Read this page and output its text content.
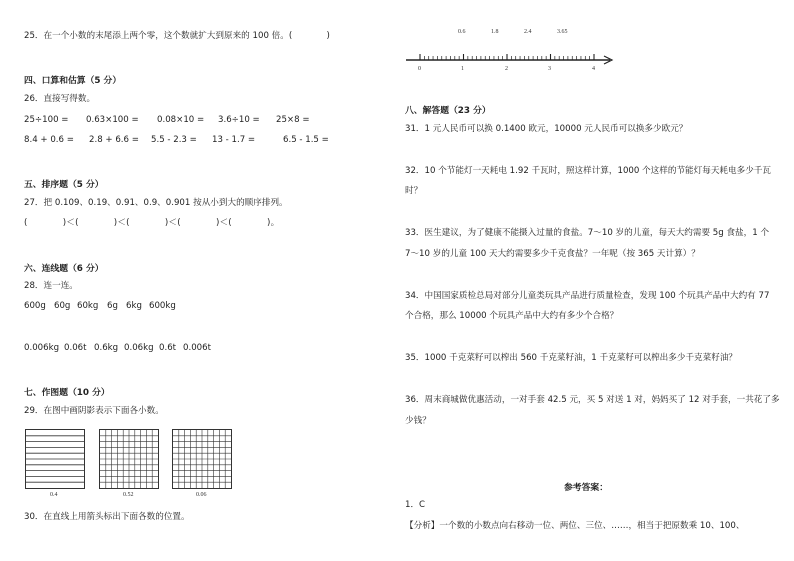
25．在一个小数的末尾添上两个零，这个数就扩大到原来的 100 倍。(　　　　)
四、口算和估算（5 分）
26．直接写得数。
25÷100 = 0.63×100 = 0.08×10 = 3.6÷10 = 25×8 =
8.4 + 0.6 = 2.8 + 6.6 = 5.5 - 2.3 = 13 - 1.7 =	6.5 - 1.5 =
五、排序题（5 分）
27．把 0.109、0.19、0.91、0.9、0.901 按从小到大的顺序排列。
(　　　　)＜(　　　　)＜(　　　　)＜(　　　　)＜(　　　　)。
六、连线题（6 分）
28．连一连。
600g 60g 60kg 6g 6kg 600kg
0.006kg 0.06t 0.6kg 0.06kg 0.6t 0.006t
七、作图题（10 分）
29．在图中画阴影表示下面各小数。
0.4	0.52	0.06
30．在直线上用箭头标出下面各数的位置。
0.6	1.8	2.4	3.65
0	1	2	3	4
八、解答题（23 分）
31．1 元人民币可以换 0.1400 欧元，10000 元人民币可以换多少欧元？
32．10 个节能灯一天耗电 1.92 千瓦时，照这样计算，1000 个这样的节能灯每天耗电多少千瓦
时？
33．医生建议，为了健康不能摄入过量的食盐。7～10 岁的儿童，每天大约需要 5g 食盐，1 个
7～10 岁的儿童 100 天大约需要多少千克食盐？一年呢（按 365 天计算）？
34．中国国家质检总局对部分儿童类玩具产品进行质量检查，发现 100 个玩具产品中大约有 77
个合格，那么 10000 个玩具产品中大约有多少个合格？
35．1000 千克菜籽可以榨出 560 千克菜籽油，1 千克菜籽可以榨出多少千克菜籽油？
36．周末商城做优惠活动，一对手套 42.5 元，买 5 对送 1 对，妈妈买了 12 对手套，一共花了多
少钱？
参考答案：
1．C
【分析】一个数的小数点向右移动一位、两位、三位、……，相当于把原数乘 10、100、
